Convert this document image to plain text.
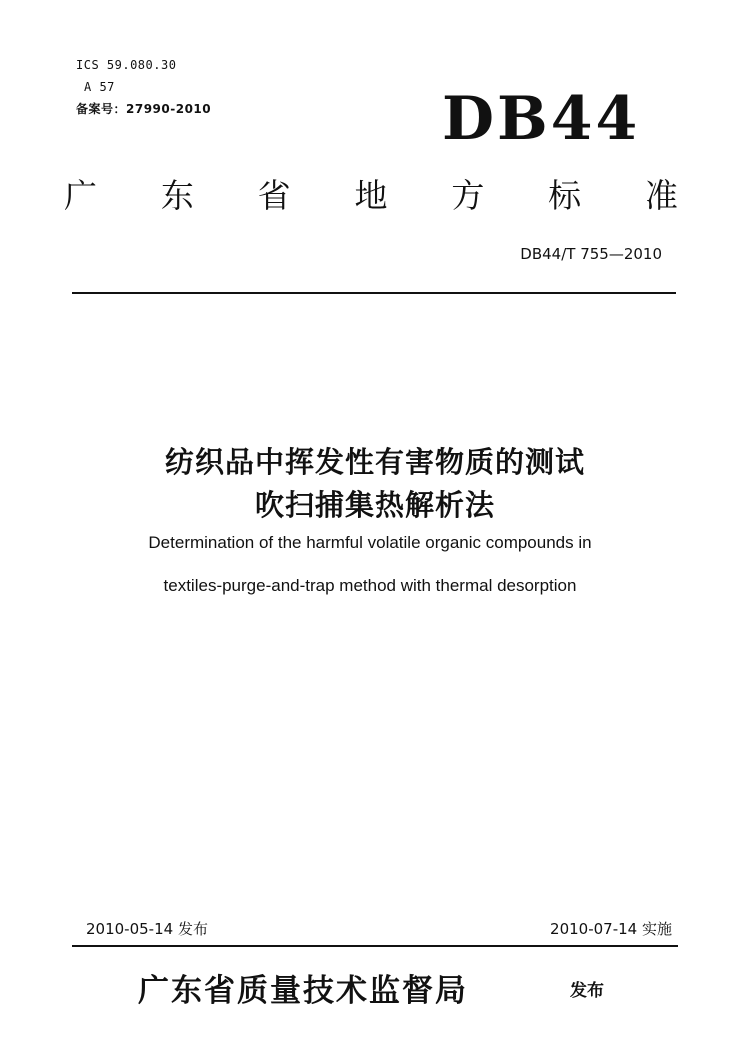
ICS 59.080.30
A 57
备案号：27990-2010	DB44
广 东 省 地 方 标 准
DB44/T 755—2010
纺织品中挥发性有害物质的测试
吹扫捕集热解析法
Determination of the harmful volatile organic compounds in
textiles-purge-and-trap method with thermal desorption
2010-05-14 发布	2010-07-14 实施
广东省质量技术监督局	发布
